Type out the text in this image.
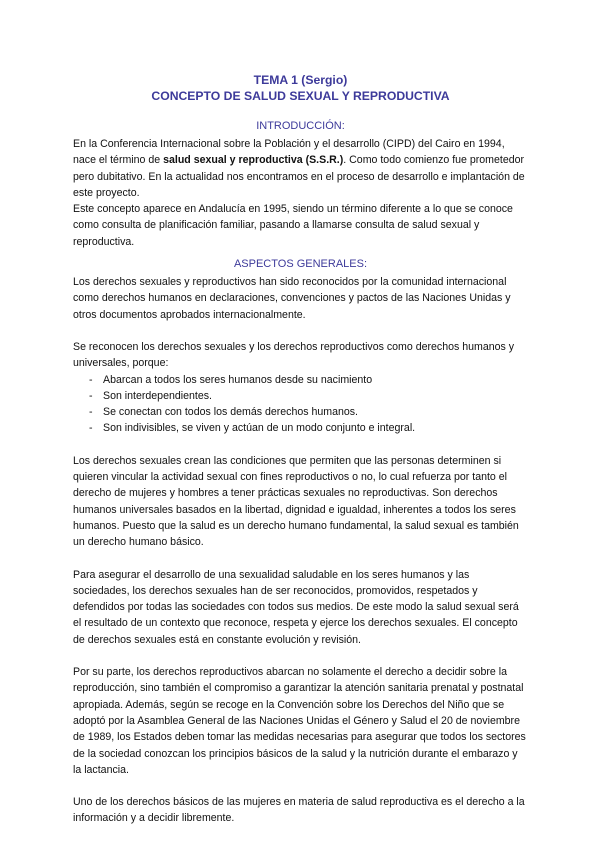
TEMA 1 (Sergio)
CONCEPTO DE SALUD SEXUAL Y REPRODUCTIVA
INTRODUCCIÓN:

En la Conferencia Internacional sobre la Población y el desarrollo (CIPD) del Cairo en 1994, nace el término de salud sexual y reproductiva (S.S.R.). Como todo comienzo fue prometedor pero dubitativo. En la actualidad nos encontramos en el proceso de desarrollo e implantación de este proyecto.

Este concepto aparece en Andalucía en 1995, siendo un término diferente a lo que se conoce como consulta de planificación familiar, pasando a llamarse consulta de salud sexual y reproductiva.

ASPECTOS GENERALES:

Los derechos sexuales y reproductivos han sido reconocidos por la comunidad internacional como derechos humanos en declaraciones, convenciones y pactos de las Naciones Unidas y otros documentos aprobados internacionalmente.

Se reconocen los derechos sexuales y los derechos reproductivos como derechos humanos y universales, porque:

- Abarcan a todos los seres humanos desde su nacimiento
- Son interdependientes.
- Se conectan con todos los demás derechos humanos.
- Son indivisibles, se viven y actúan de un modo conjunto e integral.

Los derechos sexuales crean las condiciones que permiten que las personas determinen si quieren vincular la actividad sexual con fines reproductivos o no, lo cual refuerza por tanto el derecho de mujeres y hombres a tener prácticas sexuales no reproductivas. Son derechos humanos universales basados en la libertad, dignidad e igualdad, inherentes a todos los seres humanos. Puesto que la salud es un derecho humano fundamental, la salud sexual es también un derecho humano básico.

Para asegurar el desarrollo de una sexualidad saludable en los seres humanos y las sociedades, los derechos sexuales han de ser reconocidos, promovidos, respetados y defendidos por todas las sociedades con todos sus medios. De este modo la salud sexual será el resultado de un contexto que reconoce, respeta y ejerce los derechos sexuales. El concepto de derechos sexuales está en constante evolución y revisión.

Por su parte, los derechos reproductivos abarcan no solamente el derecho a decidir sobre la reproducción, sino también el compromiso a garantizar la atención sanitaria prenatal y postnatal apropiada. Además, según se recoge en la Convención sobre los Derechos del Niño que se adoptó por la Asamblea General de las Naciones Unidas el Género y Salud el 20 de noviembre de 1989, los Estados deben tomar las medidas necesarias para asegurar que todos los sectores de la sociedad conozcan los principios básicos de la salud y la nutrición durante el embarazo y la lactancia.

Uno de los derechos básicos de las mujeres en materia de salud reproductiva es el derecho a la información y a decidir libremente.
